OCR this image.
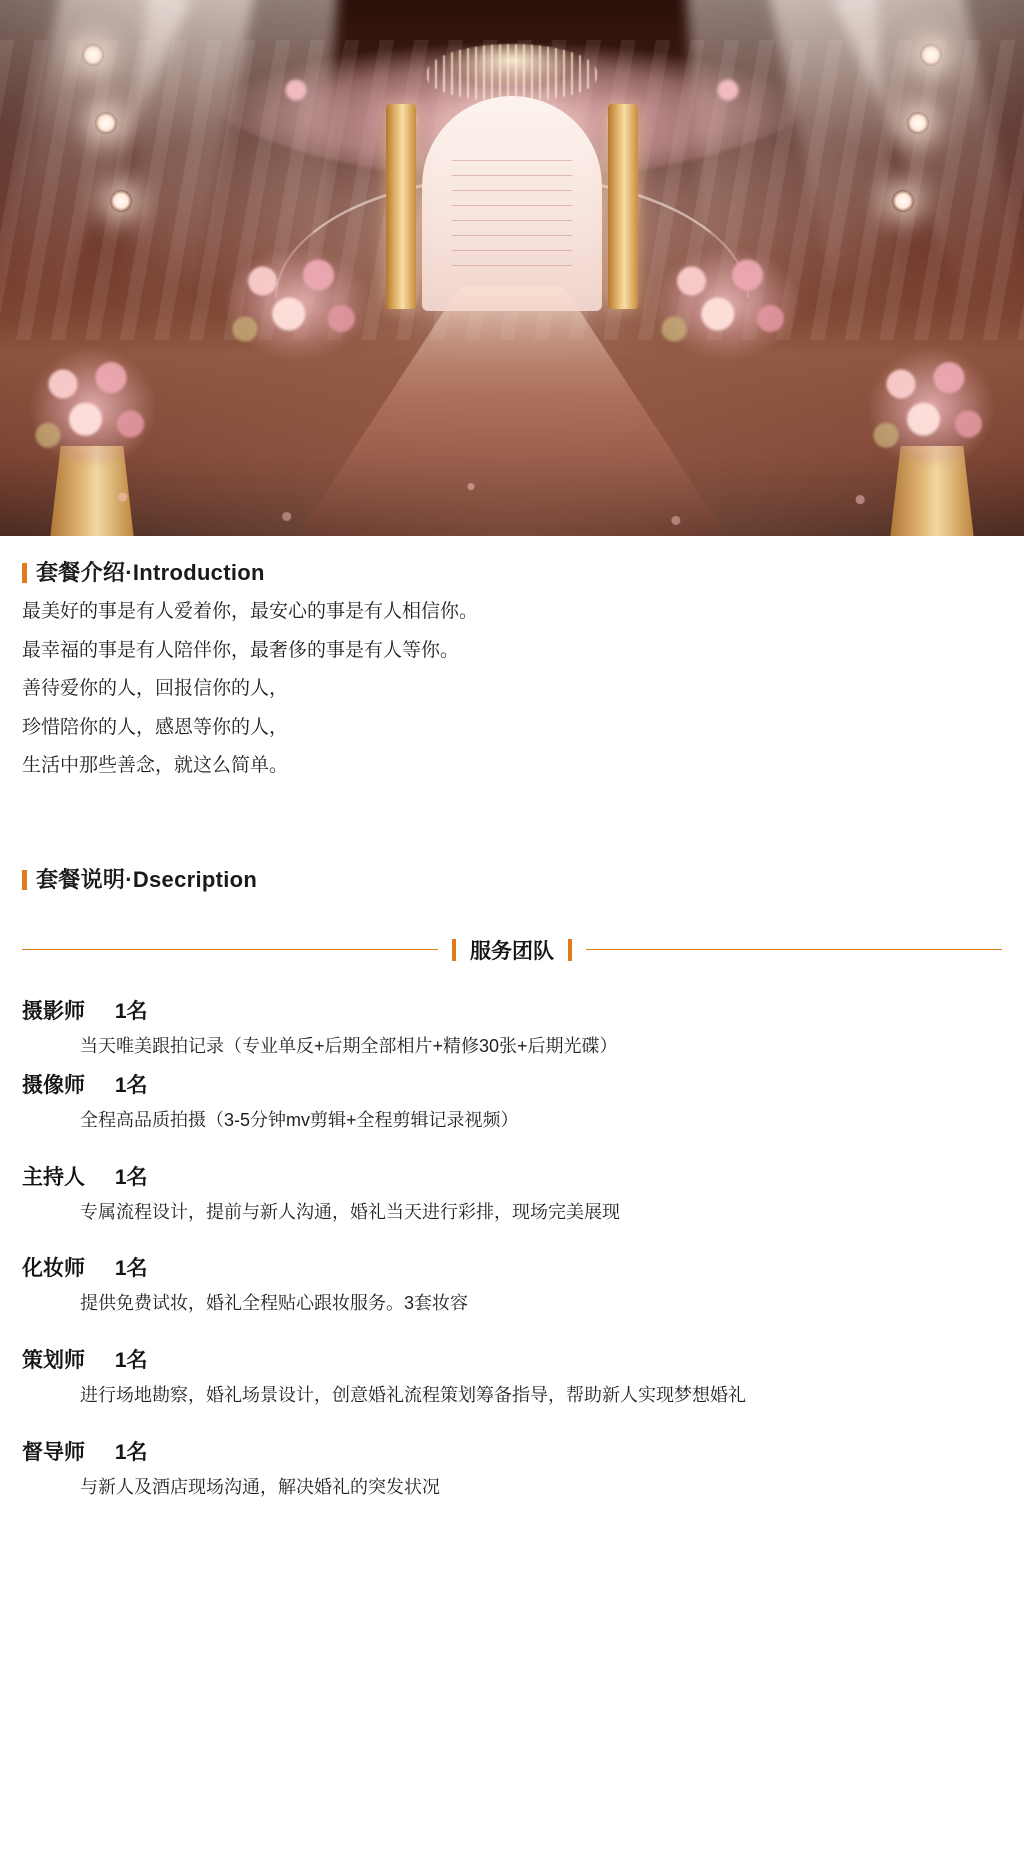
套餐介绍·Introduction

最美好的事是有人爱着你，最安心的事是有人相信你。

最幸福的事是有人陪伴你，最奢侈的事是有人等你。

善待爱你的人，回报信你的人，

珍惜陪你的人，感恩等你的人，

生活中那些善念，就这么简单。

套餐说明·Dsecription
服务团队
摄影师 1名
当天唯美跟拍记录（专业单反+后期全部相片+精修30张+后期光碟）
摄像师 1名
全程高品质拍摄（3-5分钟mv剪辑+全程剪辑记录视频）
主持人 1名
专属流程设计，提前与新人沟通，婚礼当天进行彩排，现场完美展现
化妆师 1名
提供免费试妆，婚礼全程贴心跟妆服务。3套妆容
策划师 1名
进行场地勘察，婚礼场景设计，创意婚礼流程策划筹备指导，帮助新人实现梦想婚礼
督导师 1名
与新人及酒店现场沟通，解决婚礼的突发状况
